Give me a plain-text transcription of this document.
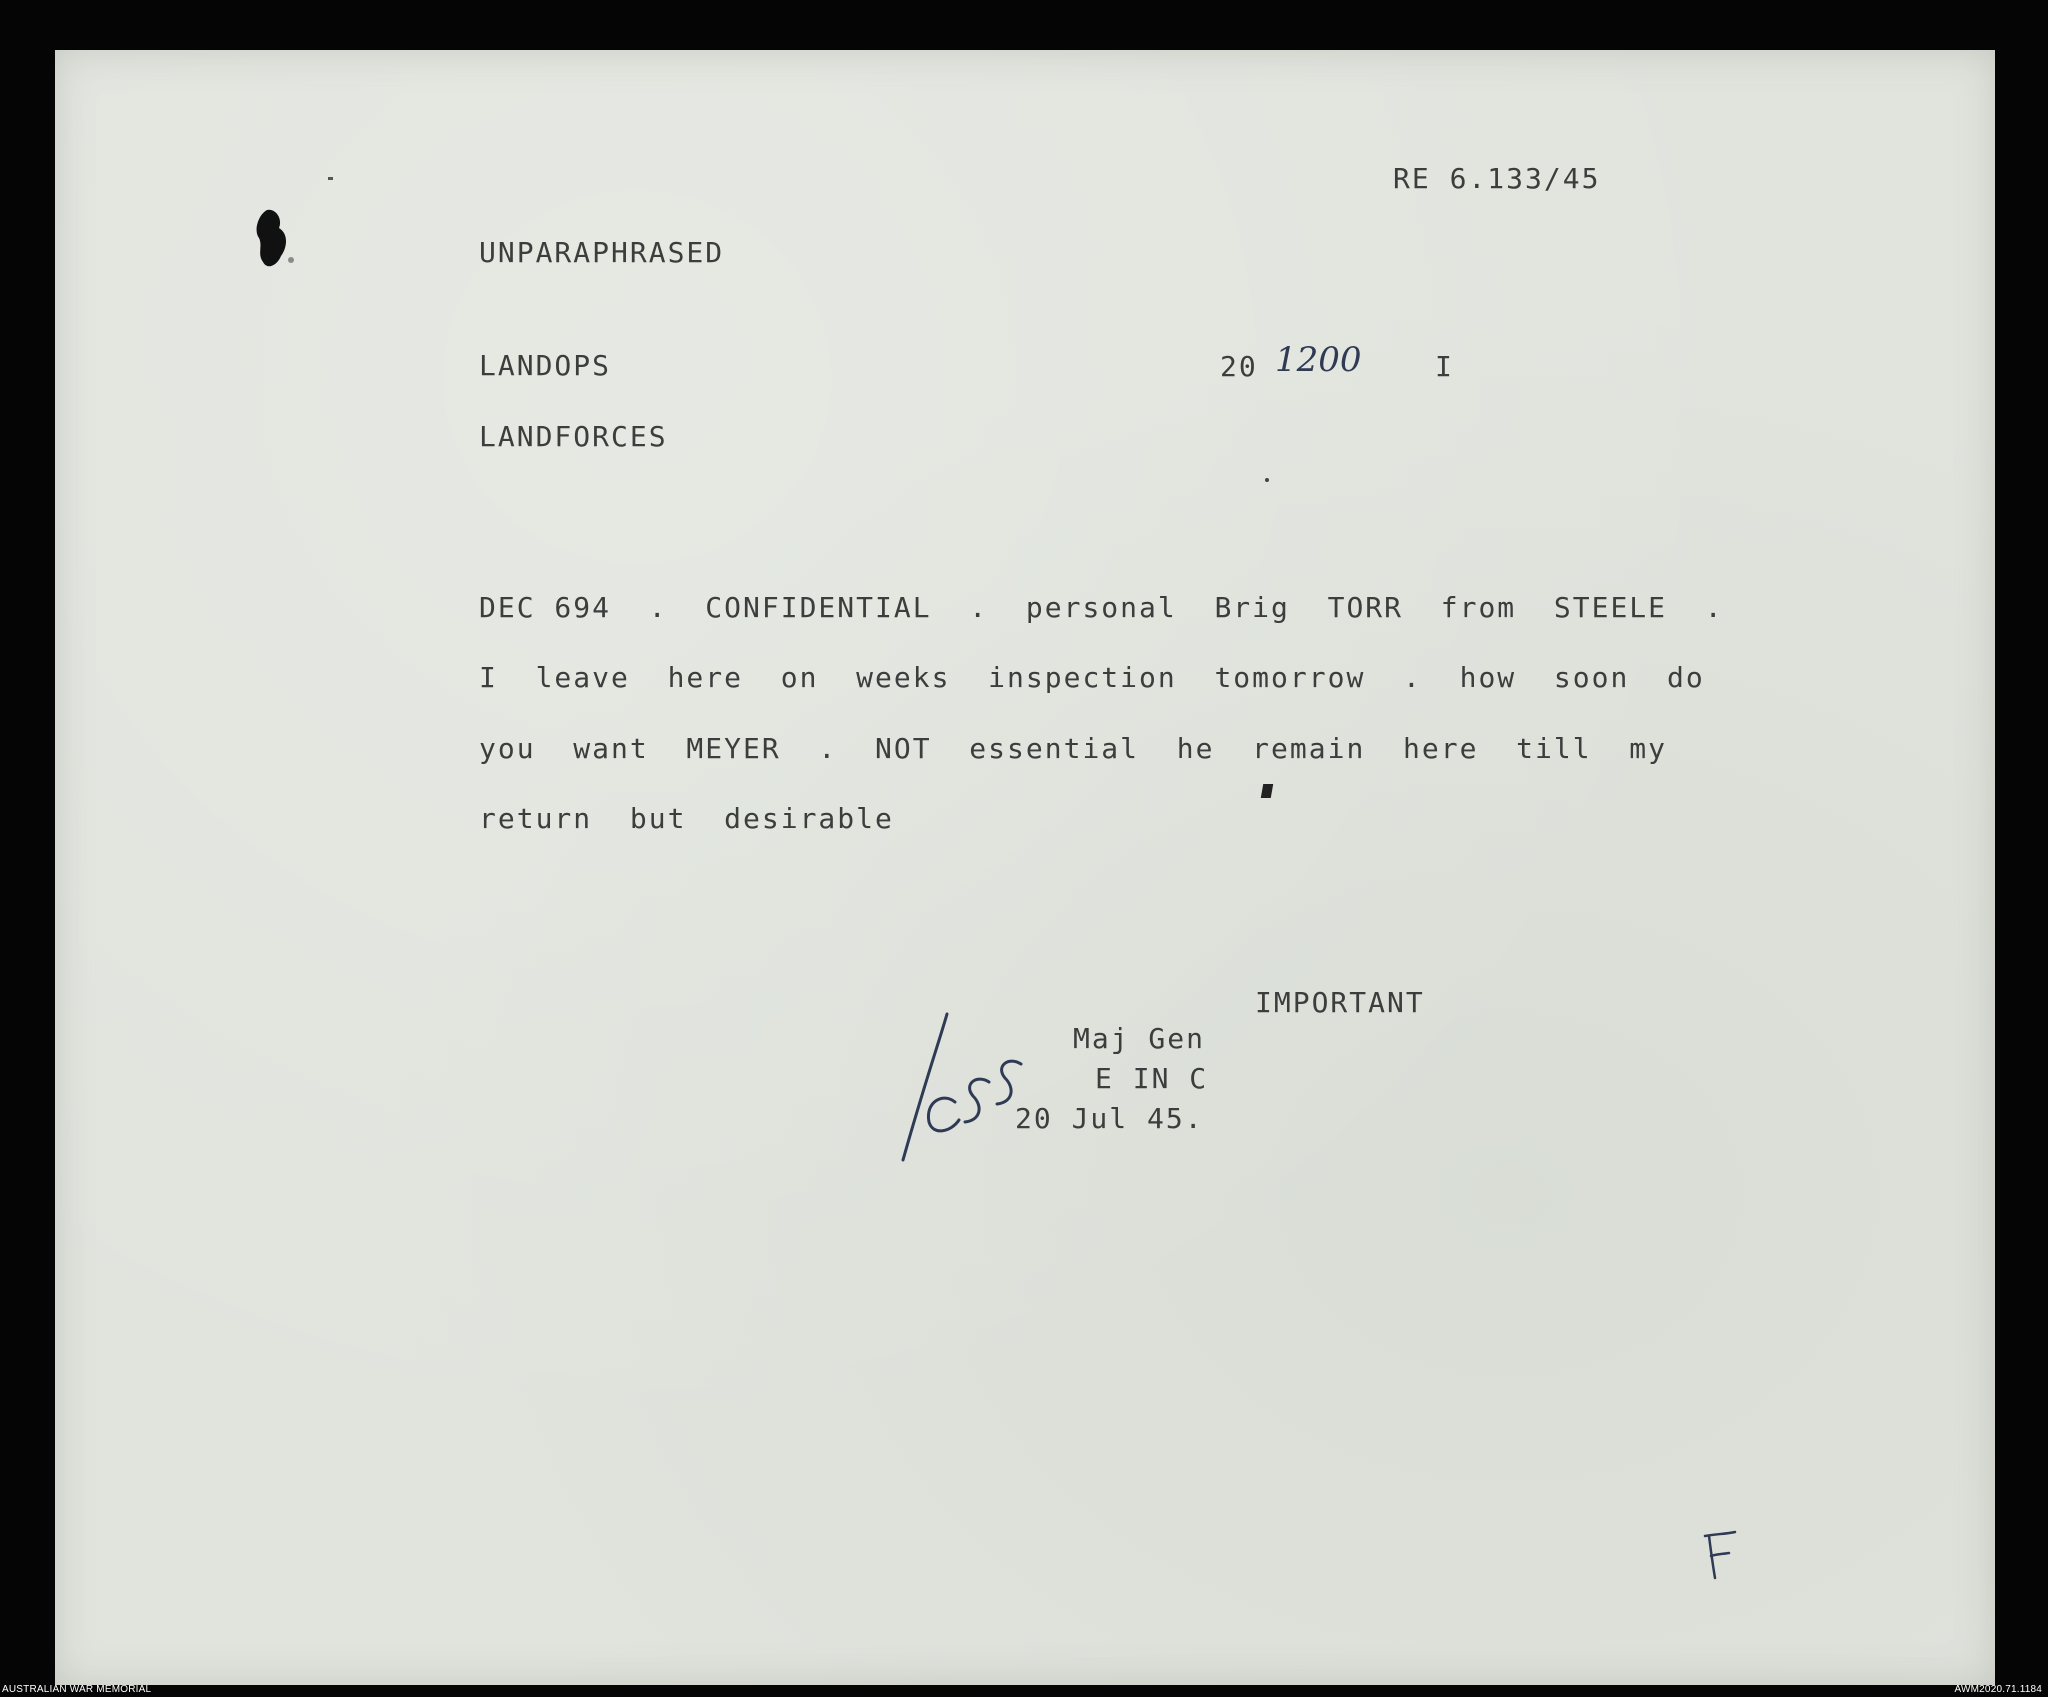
RE 6.133/45
UNPARAPHRASED
LANDOPS	20 1200	I
LANDFORCES
DEC 694  .  CONFIDENTIAL  .  personal  Brig  TORR  from  STEELE  .
I  leave  here  on  weeks  inspection  tomorrow  .  how  soon  do
you  want  MEYER  .  NOT  essential  he  remain  here  till  my
return  but  desirable
IMPORTANT
Maj Gen
E IN C
20 Jul 45.
AUSTRALIAN WAR MEMORIAL	AWM2020.71.1184
